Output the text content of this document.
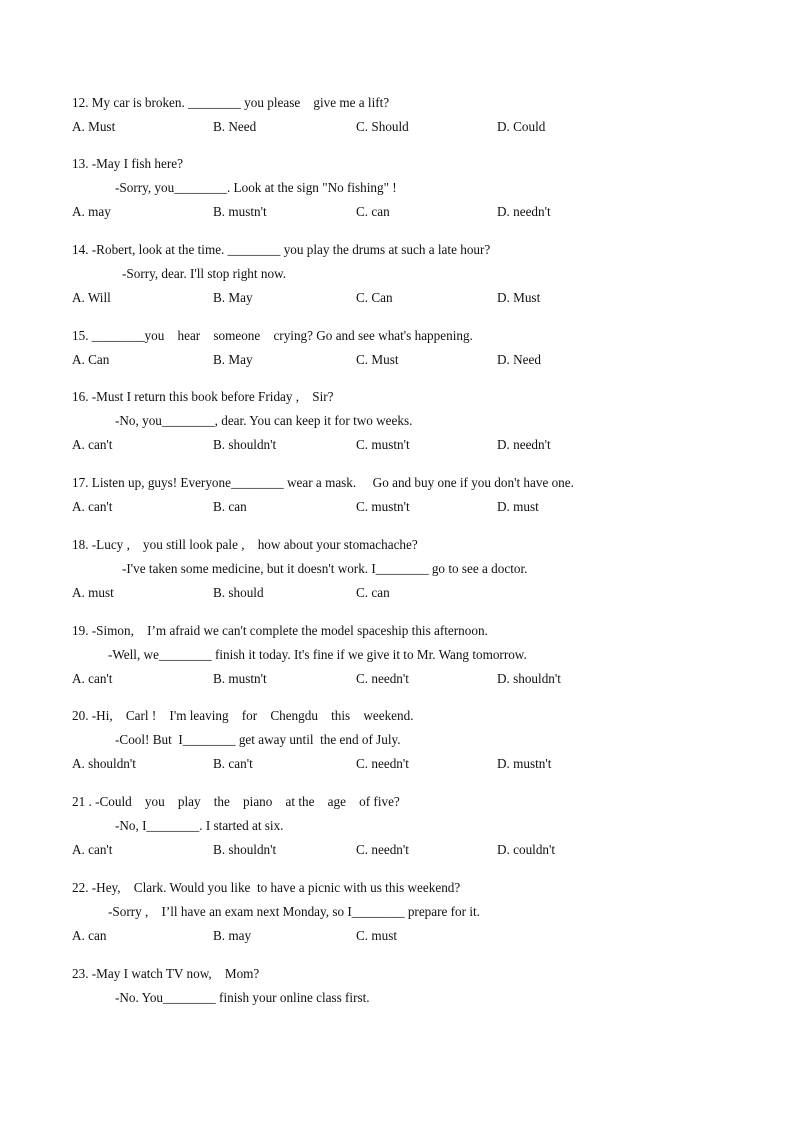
12. My car is broken. ________ you please    give me a lift?
A. Must	B. Need	C. Should	D. Could
13. -May I fish here?
-Sorry, you________. Look at the sign "No fishing" !
A. may	B. mustn't	C. can	D. needn't
14. -Robert, look at the time. ________ you play the drums at such a late hour?
-Sorry, dear. I'll stop right now.
A. Will	B. May	C. Can	D. Must
15. ________you    hear    someone    crying? Go and see what's happening.
A. Can	B. May	C. Must	D. Need
16. -Must I return this book before Friday ,    Sir?
-No, you________, dear. You can keep it for two weeks.
A. can't	B. shouldn't	C. mustn't	D. needn't
17. Listen up, guys! Everyone________ wear a mask.     Go and buy one if you don't have one.
A. can't	B. can	C. mustn't	D. must
18. -Lucy ,    you still look pale ,    how about your stomachache?
-I've taken some medicine, but it doesn't work. I________ go to see a doctor.
A. must	B. should	C. can
19. -Simon,    I’m afraid we can't complete the model spaceship this afternoon.
-Well, we________ finish it today. It's fine if we give it to Mr. Wang tomorrow.
A. can't	B. mustn't	C. needn't	D. shouldn't
20. -Hi,    Carl !    I'm leaving    for    Chengdu    this    weekend.
-Cool! But  I________ get away until  the end of July.
A. shouldn't	B. can't	C. needn't	D. mustn't
21 . -Could    you    play    the    piano    at the    age    of five?
-No, I________. I started at six.
A. can't	B. shouldn't	C. needn't	D. couldn't
22. -Hey,    Clark. Would you like  to have a picnic with us this weekend?
-Sorry ,    I’ll have an exam next Monday, so I________ prepare for it.
A. can	B. may	C. must
23. -May I watch TV now,    Mom?
-No. You________ finish your online class first.
